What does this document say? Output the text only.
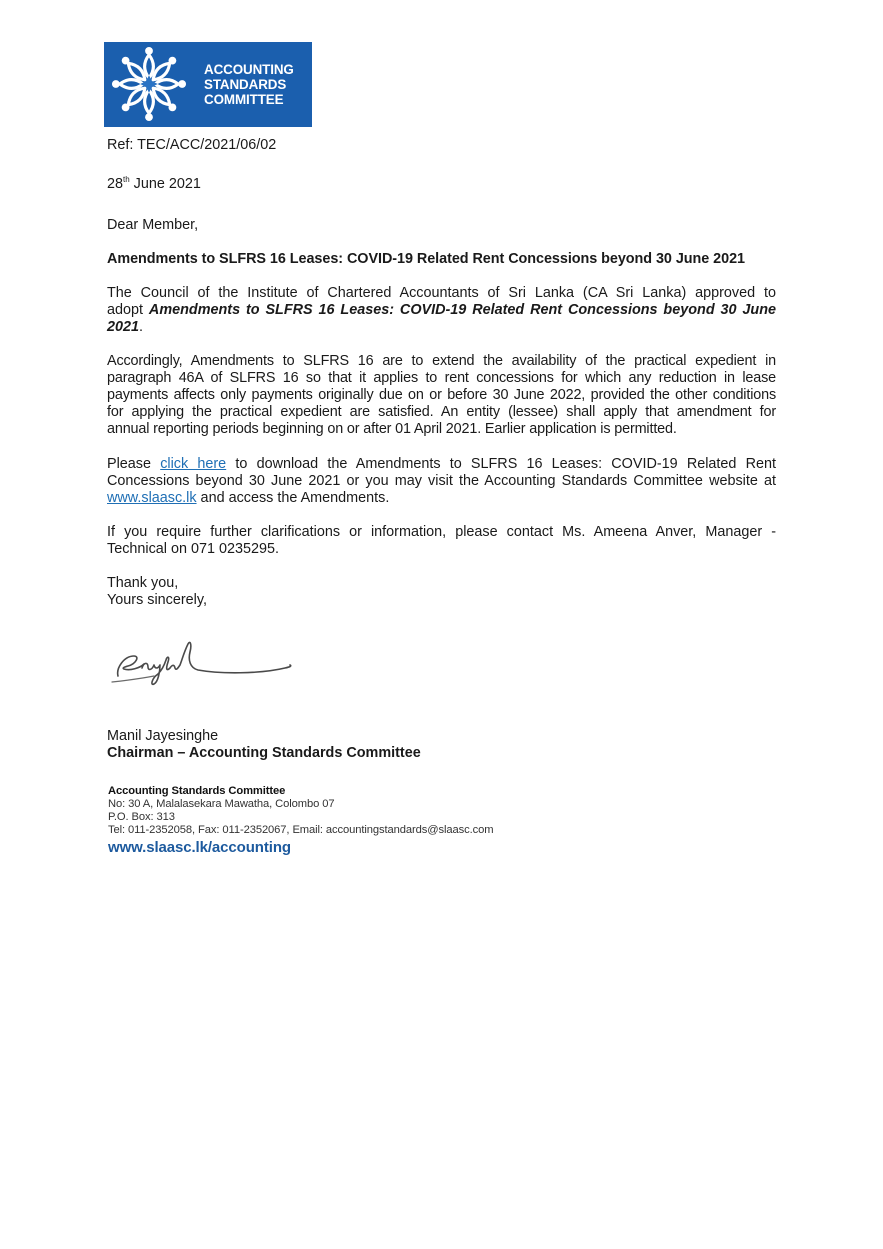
ACCOUNTING
STANDARDS
COMMITTEE
Ref: TEC/ACC/2021/06/02
28th June 2021
Dear Member,
Amendments to SLFRS 16 Leases: COVID-19 Related Rent Concessions beyond 30 June 2021
The Council of the Institute of Chartered Accountants of Sri Lanka (CA Sri Lanka) approved to
adopt Amendments to SLFRS 16 Leases: COVID-19 Related Rent Concessions beyond 30 June
2021.
Accordingly, Amendments to SLFRS 16 are to extend the availability of the practical expedient in
paragraph 46A of SLFRS 16 so that it applies to rent concessions for which any reduction in lease
payments affects only payments originally due on or before 30 June 2022, provided the other conditions
for applying the practical expedient are satisfied. An entity (lessee) shall apply that amendment for
annual reporting periods beginning on or after 01 April 2021. Earlier application is permitted.
Please click here to download the Amendments to SLFRS 16 Leases: COVID-19 Related Rent
Concessions beyond 30 June 2021 or you may visit the Accounting Standards Committee website at
www.slaasc.lk and access the Amendments.
If you require further clarifications or information, please contact Ms. Ameena Anver, Manager -
Technical on 071 0235295.
Thank you,
Yours sincerely,
Manil Jayesinghe
Chairman – Accounting Standards Committee
Accounting Standards Committee
No: 30 A, Malalasekara Mawatha, Colombo 07
P.O. Box: 313
Tel: 011-2352058, Fax: 011-2352067, Email: accountingstandards@slaasc.com
www.slaasc.lk/accounting
